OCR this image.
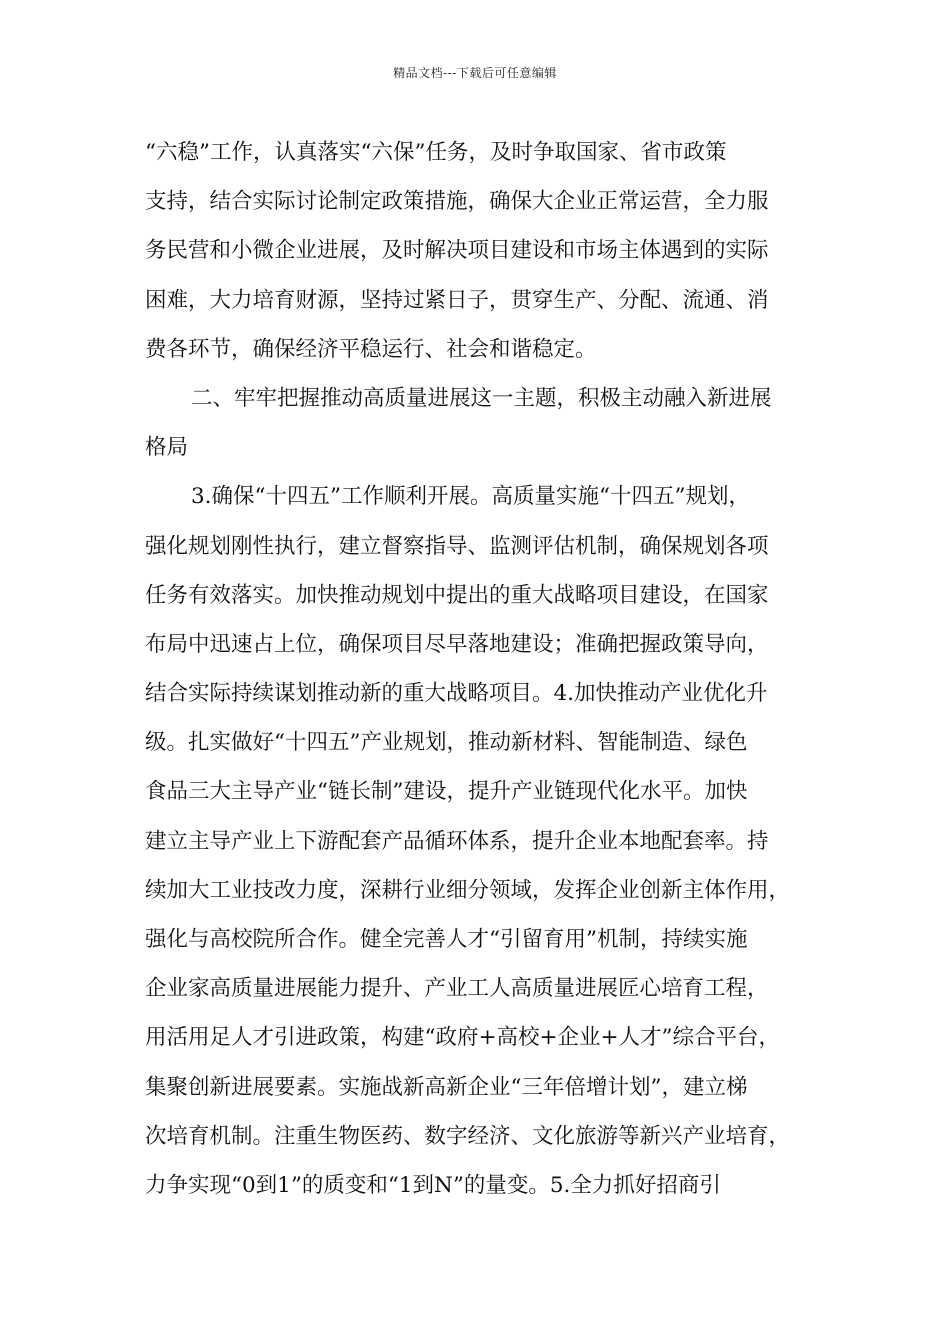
精品文档---下载后可任意编辑
“六稳”工作，认真落实“六保”任务，及时争取国家、省市政策
支持，结合实际讨论制定政策措施，确保大企业正常运营，全力服
务民营和小微企业进展，及时解决项目建设和市场主体遇到的实际
困难，大力培育财源，坚持过紧日子，贯穿生产、分配、流通、消
费各环节，确保经济平稳运行、社会和谐稳定。
二、牢牢把握推动高质量进展这一主题，积极主动融入新进展
格局
3.确保“十四五”工作顺利开展。高质量实施“十四五”规划，
强化规划刚性执行，建立督察指导、监测评估机制，确保规划各项
任务有效落实。加快推动规划中提出的重大战略项目建设，在国家
布局中迅速占上位，确保项目尽早落地建设；准确把握政策导向，
结合实际持续谋划推动新的重大战略项目。4.加快推动产业优化升
级。扎实做好“十四五”产业规划，推动新材料、智能制造、绿色
食品三大主导产业“链长制”建设，提升产业链现代化水平。加快
建立主导产业上下游配套产品循环体系，提升企业本地配套率。持
续加大工业技改力度，深耕行业细分领域，发挥企业创新主体作用，
强化与高校院所合作。健全完善人才“引留育用”机制，持续实施
企业家高质量进展能力提升、产业工人高质量进展匠心培育工程，
用活用足人才引进政策，构建“政府+高校+企业+人才”综合平台，
集聚创新进展要素。实施战新高新企业“三年倍增计划”，建立梯
次培育机制。注重生物医药、数字经济、文化旅游等新兴产业培育，
力争实现“0到1”的质变和“1到N”的量变。5.全力抓好招商引
